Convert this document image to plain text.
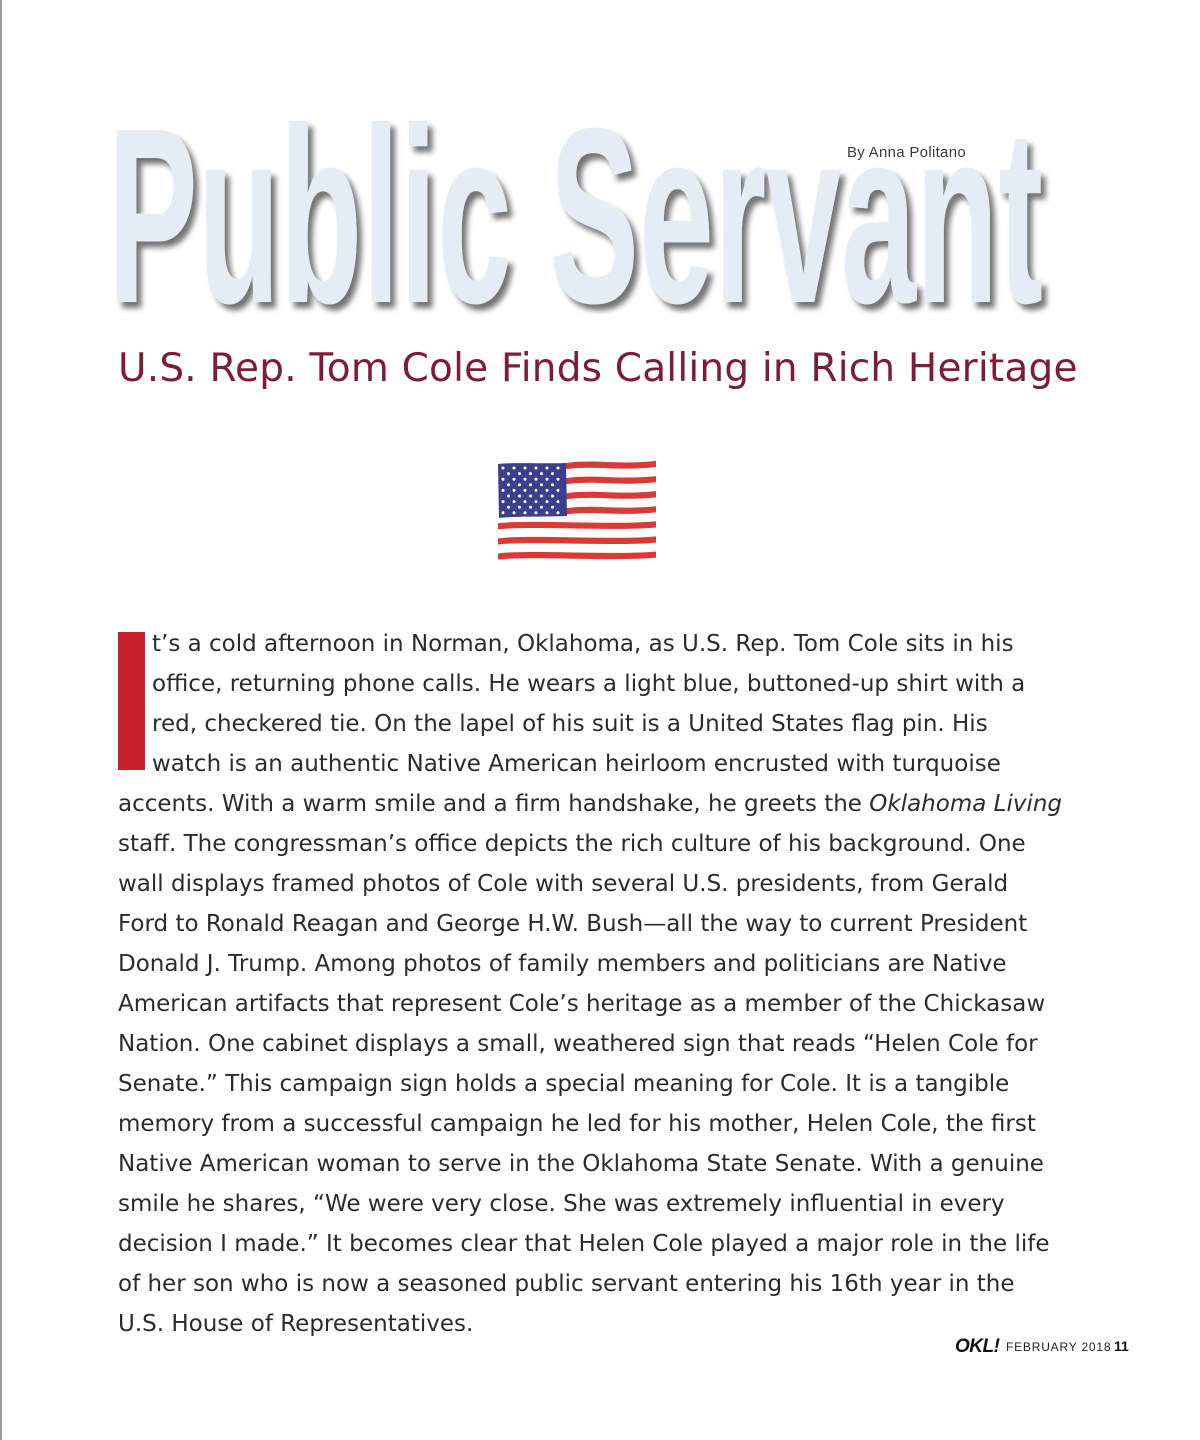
Public Servant
By Anna Politano
U.S. Rep. Tom Cole Finds Calling in Rich Heritage
t’s a cold afternoon in Norman, Oklahoma, as U.S. Rep. Tom Cole sits in his
office, returning phone calls. He wears a light blue, buttoned-up shirt with a
red, checkered tie. On the lapel of his suit is a United States flag pin. His
watch is an authentic Native American heirloom encrusted with turquoise
accents. With a warm smile and a firm handshake, he greets the Oklahoma Living
staff. The congressman’s office depicts the rich culture of his background. One
wall displays framed photos of Cole with several U.S. presidents, from Gerald
Ford to Ronald Reagan and George H.W. Bush—all the way to current President
Donald J. Trump. Among photos of family members and politicians are Native
American artifacts that represent Cole’s heritage as a member of the Chickasaw
Nation. One cabinet displays a small, weathered sign that reads “Helen Cole for
Senate.” This campaign sign holds a special meaning for Cole. It is a tangible
memory from a successful campaign he led for his mother, Helen Cole, the first
Native American woman to serve in the Oklahoma State Senate. With a genuine
smile he shares, “We were very close. She was extremely influential in every
decision I made.” It becomes clear that Helen Cole played a major role in the life
of her son who is now a seasoned public servant entering his 16th year in the
U.S. House of Representatives.
OKL! FEBRUARY 2018 11
